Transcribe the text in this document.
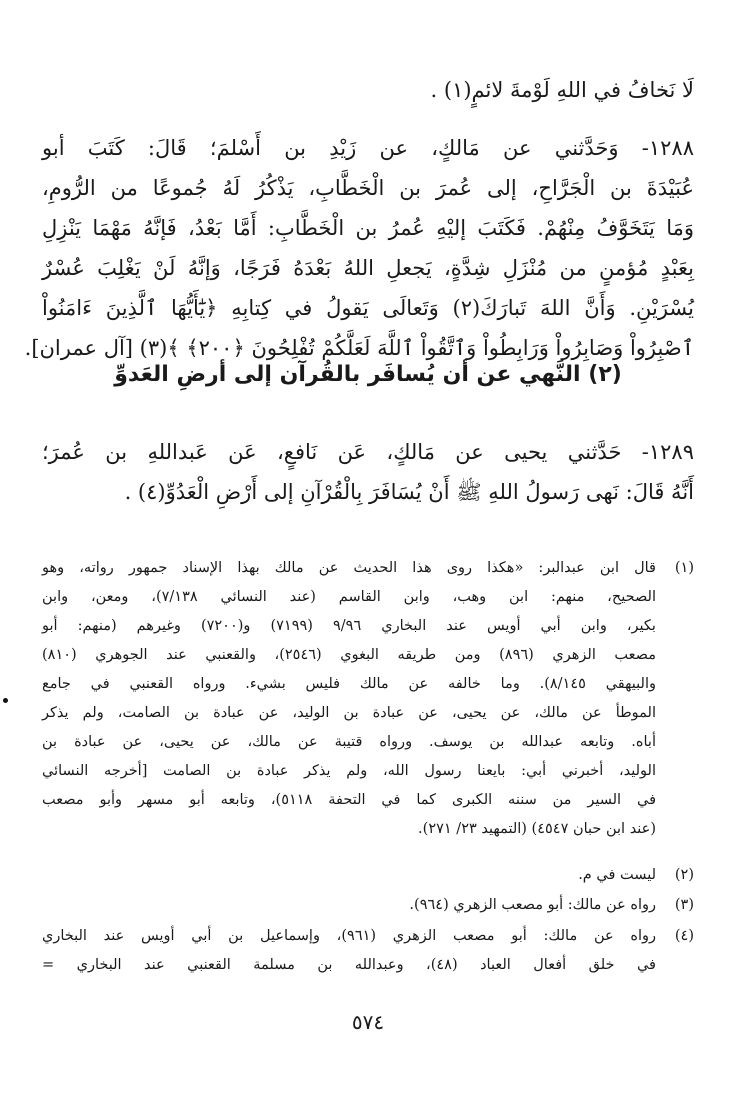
لَا نَخافُ في اللهِ لَوْمةَ لائمٍ(١) .
١٢٨٨- وَحَدَّثني عن مَالكٍ، عن زَيْدِ بن أَسْلمَ؛ قَالَ: كَتَبَ أبو
عُبَيْدَةَ بن الْجَرَّاحِ، إلى عُمرَ بن الْخَطَّابِ، يَذْكُرُ لَهُ جُموعًا من الرُّومِ،
وَمَا يَتَخَوَّفُ مِنْهُمْ. فَكَتَبَ إليْهِ عُمرُ بن الْخَطَّابِ: أَمَّا بَعْدُ، فَإنَّهُ مَهْمَا يَنْزِلِ
بِعَبْدٍ مُؤمنٍ من مُنْزَلِ شِدَّةٍ، يَجعلِ اللهُ بَعْدَهُ فَرَجًا، وَإنَّهُ لَنْ يَغْلِبَ عُسْرٌ
يُسْرَيْنِ. وَأَنَّ اللهَ تَبارَكَ(٢) وَتَعالَى يَقولُ في كِتابِهِ ﴿يَٰٓأَيُّهَا ٱلَّذِينَ ءَامَنُواْ
ٱصْبِرُواْ وَصَابِرُواْ وَرَابِطُواْ وَٱتَّقُواْ ٱللَّهَ لَعَلَّكُمْ تُفْلِحُونَ ﴿٢٠٠﴾ ﴾(٣) [آل عمران].
(٢) النَّهي عن أن يُسافَر بالقُرآن إلى أرضِ العَدوِّ
١٢٨٩- حَدَّثني يحيى عن مَالكٍ، عَن نَافعٍ، عَن عَبداللهِ بن عُمرَ؛
أَنَّهُ قَالَ: نَهى رَسولُ اللهِ ﷺ أَنْ يُسَافَرَ بِالْقُرْآنِ إلى أَرْضِ الْعَدُوِّ(٤) .
(١)
قال ابن عبدالبر: «هكذا روى هذا الحديث عن مالك بهذا الإسناد جمهور رواته، وهو
الصحيح، منهم: ابن وهب، وابن القاسم (عند النسائي ٧/١٣٨)، ومعن، وابن
بكير، وابن أبي أويس عند البخاري ٩/٩٦ (٧١٩٩) و(٧٢٠٠) وغيرهم (منهم: أبو
مصعب الزهري (٨٩٦) ومن طريقه البغوي (٢٥٤٦)، والقعنبي عند الجوهري (٨١٠)
والبيهقي ٨/١٤٥). وما خالفه عن مالك فليس بشيء. ورواه القعنبي في جامع
الموطأ عن مالك، عن يحيى، عن عبادة بن الوليد، عن عبادة بن الصامت، ولم يذكر
أباه. وتابعه عبدالله بن يوسف. ورواه قتيبة عن مالك، عن يحيى، عن عبادة بن
الوليد، أخبرني أبي: بايعنا رسول الله، ولم يذكر عبادة بن الصامت [أخرجه النسائي
في السير من سننه الكبرى كما في التحفة ٥١١٨)، وتابعه أبو مسهر وأبو مصعب
(عند ابن حبان ٤٥٤٧) (التمهيد ٢٣/ ٢٧١).
(٢)
ليست في م.
(٣)
رواه عن مالك: أبو مصعب الزهري (٩٦٤).
(٤)
رواه عن مالك: أبو مصعب الزهري (٩٦١)، وإسماعيل بن أبي أويس عند البخاري
في خلق أفعال العباد (٤٨)، وعبدالله بن مسلمة القعنبي عند البخاري =
٥٧٤
